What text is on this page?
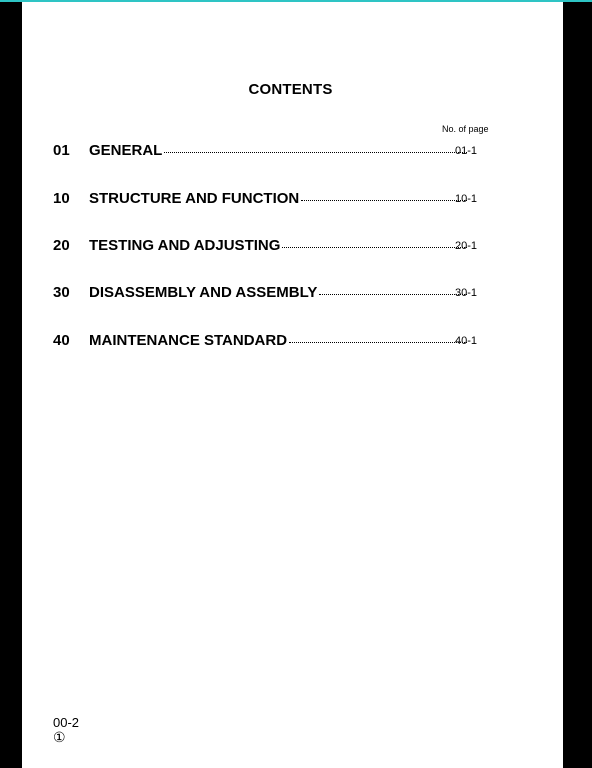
CONTENTS
No. of page
01 GENERAL	01-1
10 STRUCTURE AND FUNCTION	10-1
20 TESTING AND ADJUSTING	20-1
30 DISASSEMBLY AND ASSEMBLY	30-1
40 MAINTENANCE STANDARD	40-1
00-2
①
